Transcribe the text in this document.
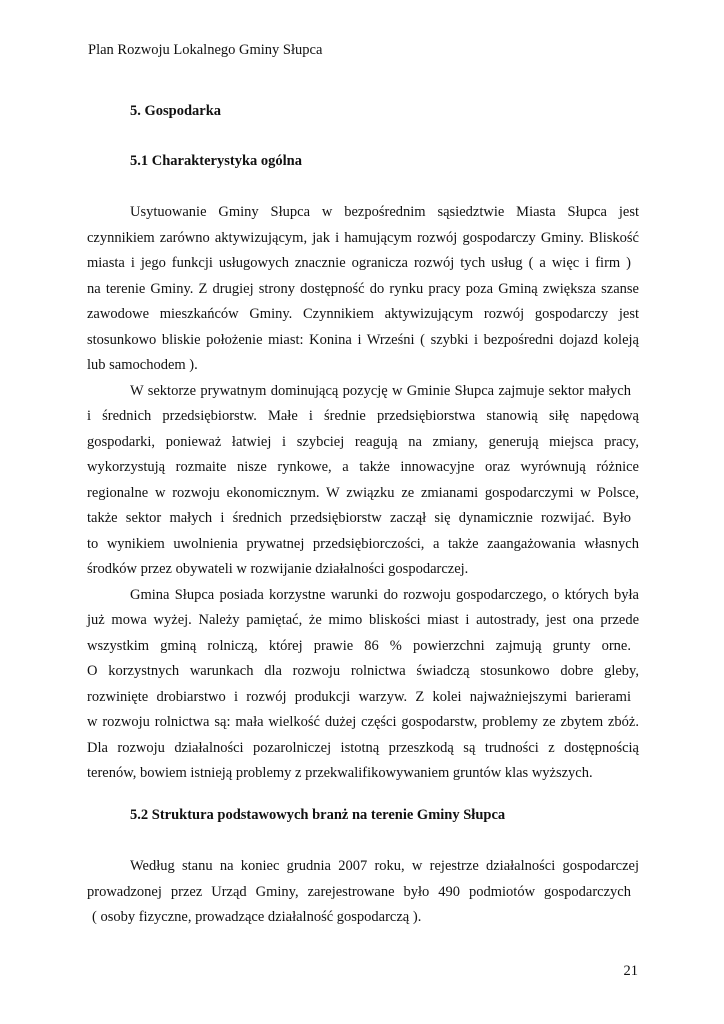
Plan Rozwoju Lokalnego Gminy Słupca
5. Gospodarka
5.1 Charakterystyka ogólna
Usytuowanie Gminy Słupca w bezpośrednim sąsiedztwie Miasta Słupca jest
czynnikiem zarówno aktywizującym, jak i hamującym rozwój gospodarczy Gminy. Bliskość
miasta i jego funkcji usługowych znacznie ogranicza rozwój tych usług ( a więc i firm )
na terenie Gminy. Z drugiej strony dostępność do rynku pracy poza Gminą zwiększa szanse
zawodowe mieszkańców Gminy. Czynnikiem aktywizującym rozwój gospodarczy jest
stosunkowo bliskie położenie miast: Konina i Wrześni ( szybki i bezpośredni dojazd koleją
lub samochodem ).
W sektorze prywatnym dominującą pozycję w Gminie Słupca zajmuje sektor małych
i średnich przedsiębiorstw. Małe i średnie przedsiębiorstwa stanowią siłę napędową
gospodarki, ponieważ łatwiej i szybciej reagują na zmiany, generują miejsca pracy,
wykorzystują rozmaite nisze rynkowe, a także innowacyjne oraz wyrównują różnice
regionalne w rozwoju ekonomicznym. W związku ze zmianami gospodarczymi w Polsce,
także sektor małych i średnich przedsiębiorstw zaczął się dynamicznie rozwijać. Było
to wynikiem uwolnienia prywatnej przedsiębiorczości, a także zaangażowania własnych
środków przez obywateli w rozwijanie działalności gospodarczej.
Gmina Słupca posiada korzystne warunki do rozwoju gospodarczego, o których była
już mowa wyżej. Należy pamiętać, że mimo bliskości miast i autostrady, jest ona przede
wszystkim gminą rolniczą, której prawie 86 % powierzchni zajmują grunty orne.
O korzystnych warunkach dla rozwoju rolnictwa świadczą stosunkowo dobre gleby,
rozwinięte drobiarstwo i rozwój produkcji warzyw. Z kolei najważniejszymi barierami
w rozwoju rolnictwa są: mała wielkość dużej części gospodarstw, problemy ze zbytem zbóż.
Dla rozwoju działalności pozarolniczej istotną przeszkodą są trudności z dostępnością
terenów, bowiem istnieją problemy z przekwalifikowywaniem gruntów klas wyższych.
5.2 Struktura podstawowych branż na terenie Gminy Słupca
Według stanu na koniec grudnia 2007 roku, w rejestrze działalności gospodarczej
prowadzonej przez Urząd Gminy, zarejestrowane było 490 podmiotów gospodarczych
( osoby fizyczne, prowadzące działalność gospodarczą ).
21
